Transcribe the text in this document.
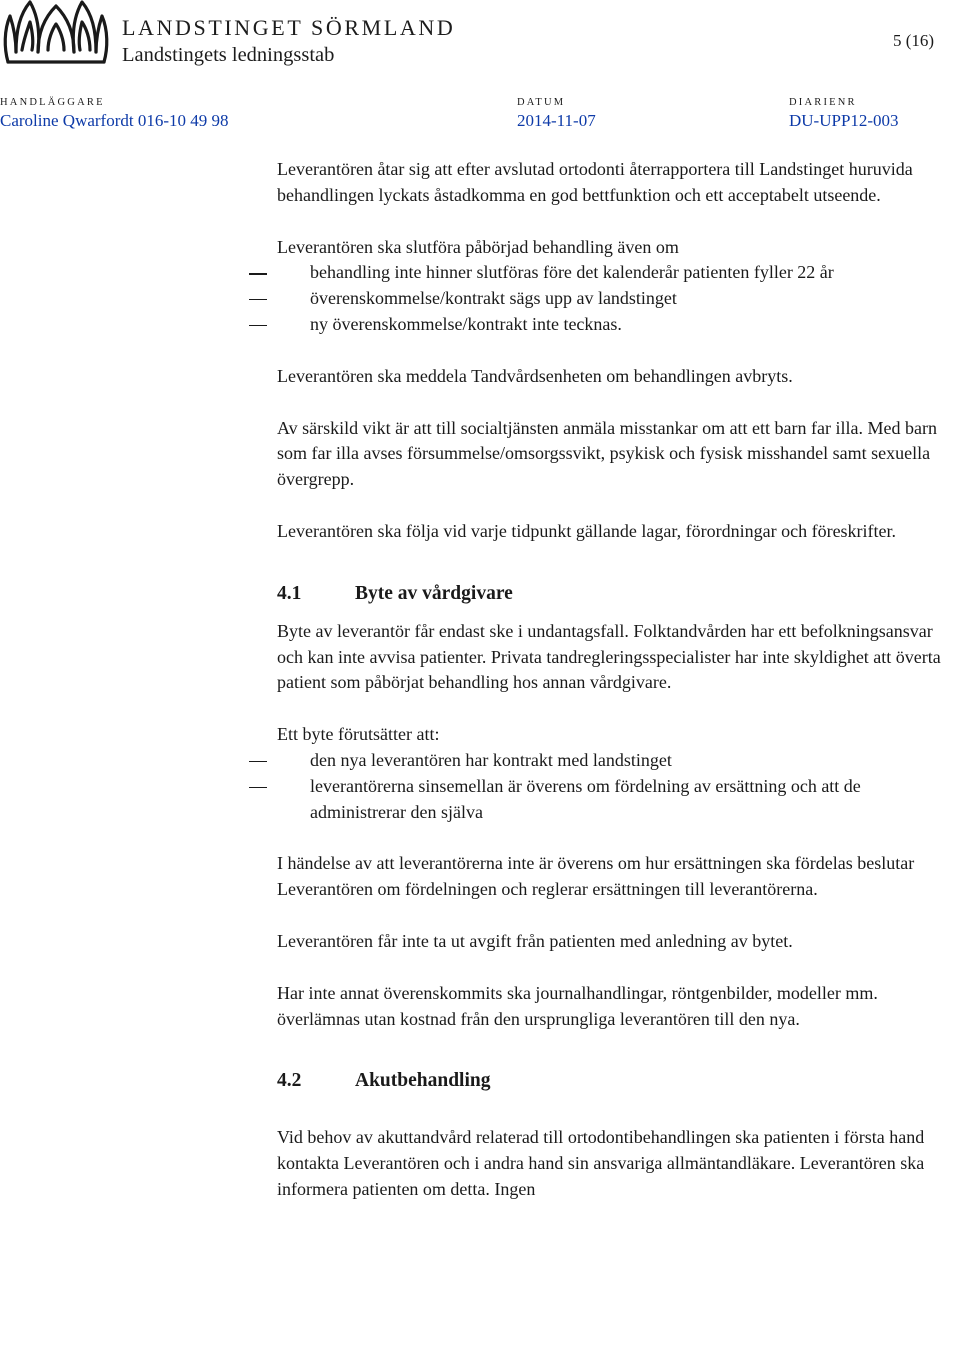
LANDSTINGET SÖRMLAND
Landstingets ledningsstab
5 (16)
HANDLÄGGARE
Caroline Qwarfordt 016-10 49 98
DATUM
2014-11-07
DIARIENR
DU-UPP12-003

Leverantören åtar sig att efter avslutad ortodonti återrapportera till Landstinget huruvida behandlingen lyckats åstadkomma en god bettfunktion och ett acceptabelt utseende.

Leverantören ska slutföra påbörjad behandling även om

behandling inte hinner slutföras före det kalenderår patienten fyller 22 år
överenskommelse/kontrakt sägs upp av landstinget
ny överenskommelse/kontrakt inte tecknas.

Leverantören ska meddela Tandvårdsenheten om behandlingen avbryts.

Av särskild vikt är att till socialtjänsten anmäla misstankar om att ett barn far illa. Med barn som far illa avses försummelse/omsorgssvikt, psykisk och fysisk misshandel samt sexuella övergrepp.

Leverantören ska följa vid varje tidpunkt gällande lagar, förordningar och föreskrifter.

4.1	Byte av vårdgivare

Byte av leverantör får endast ske i undantagsfall. Folktandvården har ett befolkningsansvar och kan inte avvisa patienter. Privata tandregleringsspecialister har inte skyldighet att överta patient som påbörjat behandling hos annan vårdgivare.

Ett byte förutsätter att:

den nya leverantören har kontrakt med landstinget
leverantörerna sinsemellan är överens om fördelning av ersättning och att de administrerar den själva

I händelse av att leverantörerna inte är överens om hur ersättningen ska fördelas beslutar Leverantören om fördelningen och reglerar ersättningen till leverantörerna.

Leverantören får inte ta ut avgift från patienten med anledning av bytet.

Har inte annat överenskommits ska journalhandlingar, röntgenbilder, modeller mm. överlämnas utan kostnad från den ursprungliga leverantören till den nya.

4.2	Akutbehandling

Vid behov av akuttandvård relaterad till ortodontibehandlingen ska patienten i första hand kontakta Leverantören och i andra hand sin ansvariga allmäntandläkare. Leverantören ska informera patienten om detta. Ingen
